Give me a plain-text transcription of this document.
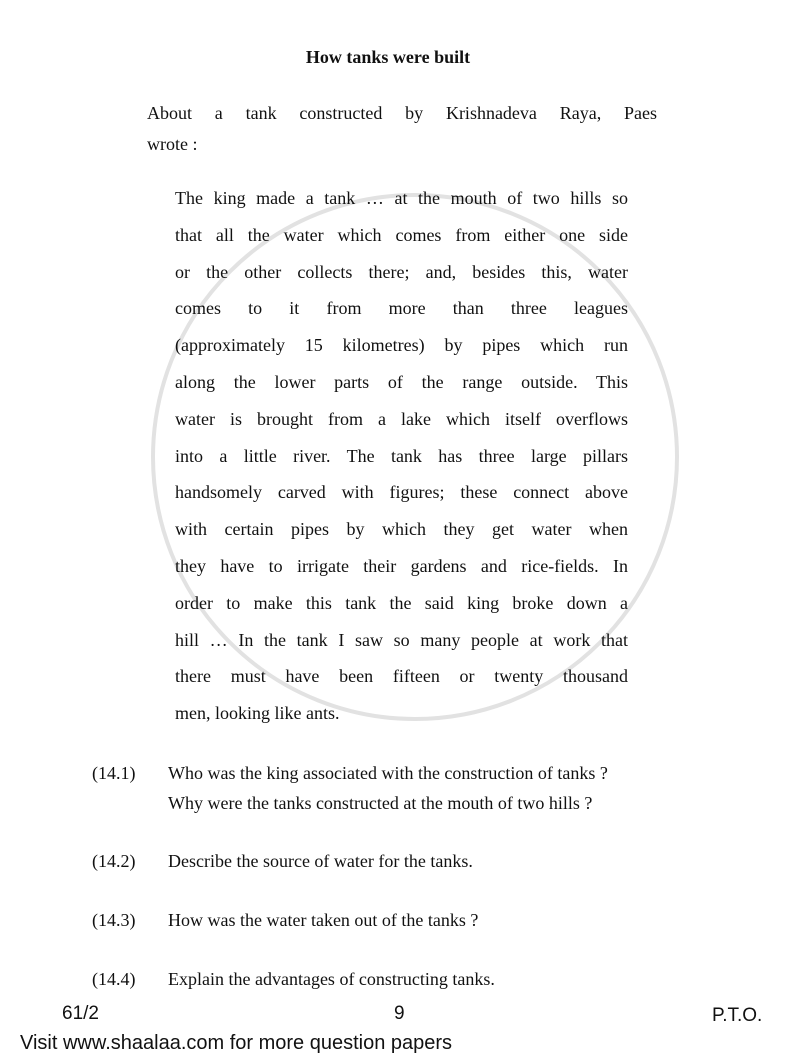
How tanks were built
About a tank constructed by Krishnadeva Raya, Paes
wrote :
61/2	9	P.T.O.
Visit www.shaalaa.com for more question papers
The king made a tank … at the mouth of two hills so
that all the water which comes from either one side
or the other collects there; and, besides this, water
comes to it from more than three leagues
(approximately 15 kilometres) by pipes which run
along the lower parts of the range outside. This
water is brought from a lake which itself overflows
into a little river. The tank has three large pillars
handsomely carved with figures; these connect above
with certain pipes by which they get water when
they have to irrigate their gardens and rice-fields. In
order to make this tank the said king broke down a
hill … In the tank I saw so many people at work that
there must have been fifteen or twenty thousand
men, looking like ants.
(14.1) Who was the king associated with the construction of tanks ?
Why were the tanks constructed at the mouth of two hills ?
(14.2) Describe the source of water for the tanks.
(14.3) How was the water taken out of the tanks ?
(14.4) Explain the advantages of constructing tanks.
